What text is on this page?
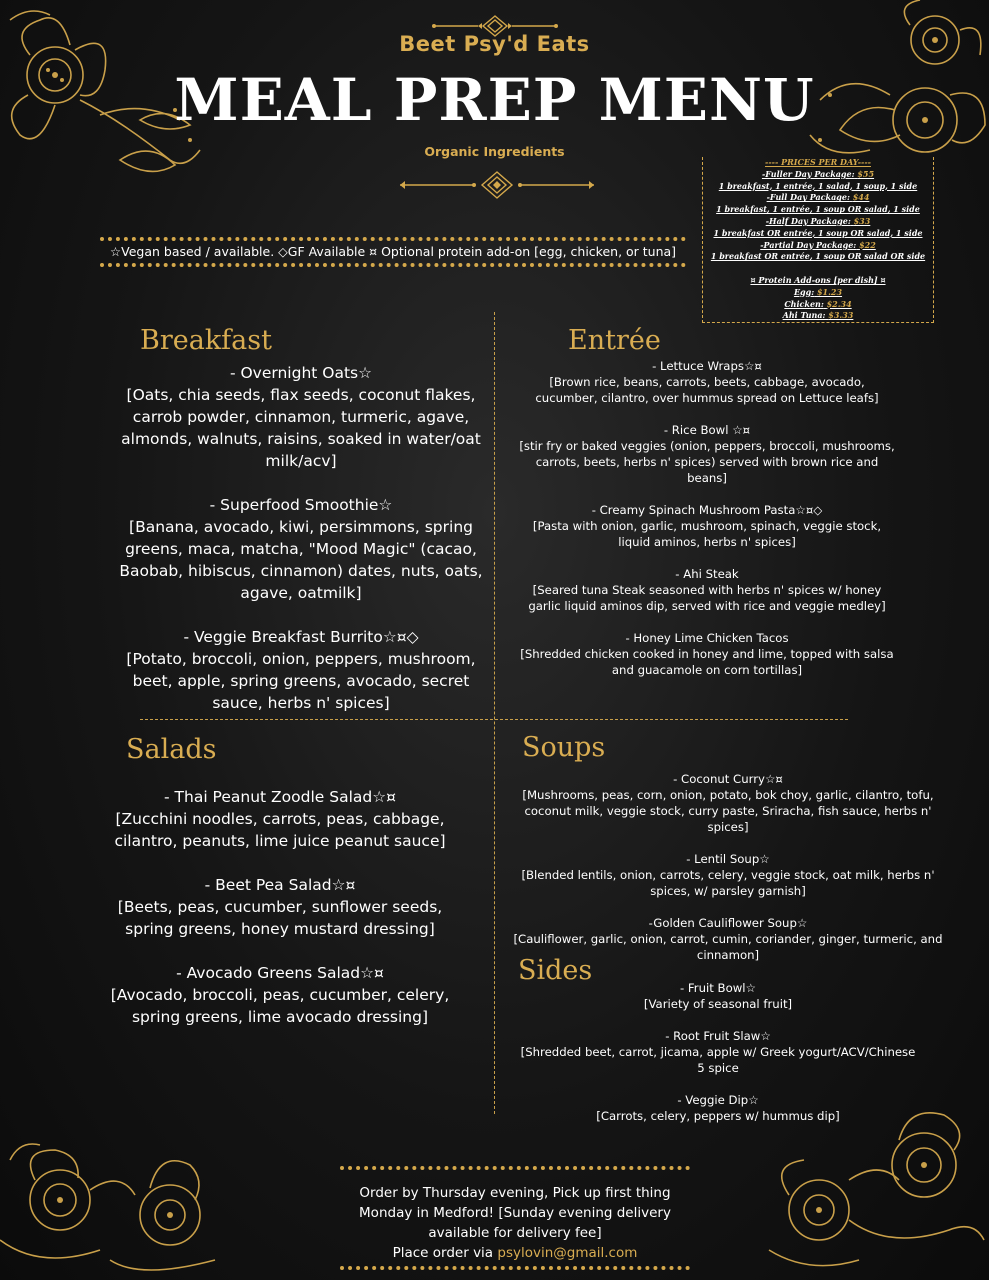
Beet Psy'd Eats
MEAL PREP MENU
Organic Ingredients
☆Vegan based / available. ◇GF Available ¤ Optional protein add-on [egg, chicken, or tuna]
---- PRICES PER DAY----
-Fuller Day Package: $55
1 breakfast, 1 entrée, 1 salad, 1 soup, 1 side
-Full Day Package: $44
1 breakfast, 1 entrée, 1 soup OR salad, 1 side
-Half Day Package: $33
1 breakfast OR entrée, 1 soup OR salad, 1 side
-Partial Day Package: $22
1 breakfast OR entrée, 1 soup OR salad OR side

¤ Protein Add-ons [per dish] ¤
Egg: $1.23
Chicken: $2.34
Ahi Tuna: $3.33
Breakfast
- Overnight Oats☆
[Oats, chia seeds, flax seeds, coconut flakes, carrob powder, cinnamon, turmeric, agave, almonds, walnuts, raisins, soaked in water/oat milk/acv]
- Superfood Smoothie☆
[Banana, avocado, kiwi, persimmons, spring greens, maca, matcha, "Mood Magic" (cacao, Baobab, hibiscus, cinnamon) dates, nuts, oats, agave, oatmilk]
- Veggie Breakfast Burrito☆¤◇
[Potato, broccoli, onion, peppers, mushroom, beet, apple, spring greens, avocado, secret sauce, herbs n' spices]
Entrée
- Lettuce Wraps☆¤
[Brown rice, beans, carrots, beets, cabbage, avocado, cucumber, cilantro, over hummus spread on Lettuce leafs]
- Rice Bowl ☆¤
[stir fry or baked veggies (onion, peppers, broccoli, mushrooms, carrots, beets, herbs n' spices) served with brown rice and beans]
- Creamy Spinach Mushroom Pasta☆¤◇
[Pasta with onion, garlic, mushroom, spinach, veggie stock, liquid aminos, herbs n' spices]
- Ahi Steak
[Seared tuna Steak seasoned with herbs n' spices w/ honey garlic liquid aminos dip, served with rice and veggie medley]
- Honey Lime Chicken Tacos
[Shredded chicken cooked in honey and lime, topped with salsa and guacamole on corn tortillas]
Salads
- Thai Peanut Zoodle Salad☆¤
[Zucchini noodles, carrots, peas, cabbage, cilantro, peanuts, lime juice peanut sauce]
- Beet Pea Salad☆¤
[Beets, peas, cucumber, sunflower seeds, spring greens, honey mustard dressing]
- Avocado Greens Salad☆¤
[Avocado, broccoli, peas, cucumber, celery, spring greens, lime avocado dressing]
Soups
- Coconut Curry☆¤
[Mushrooms, peas, corn, onion, potato, bok choy, garlic, cilantro, tofu, coconut milk, veggie stock, curry paste, Sriracha, fish sauce, herbs n' spices]
- Lentil Soup☆
[Blended lentils, onion, carrots, celery, veggie stock, oat milk, herbs n' spices, w/ parsley garnish]
-Golden Cauliflower Soup☆
[Cauliflower, garlic, onion, carrot, cumin, coriander, ginger, turmeric, and cinnamon]
Sides
- Fruit Bowl☆
[Variety of seasonal fruit]
- Root Fruit Slaw☆
[Shredded beet, carrot, jicama, apple w/ Greek yogurt/ACV/Chinese 5 spice
- Veggie Dip☆
[Carrots, celery, peppers w/ hummus dip]
Order by Thursday evening, Pick up first thing Monday in Medford! [Sunday evening delivery available for delivery fee]
Place order via psylovin@gmail.com
